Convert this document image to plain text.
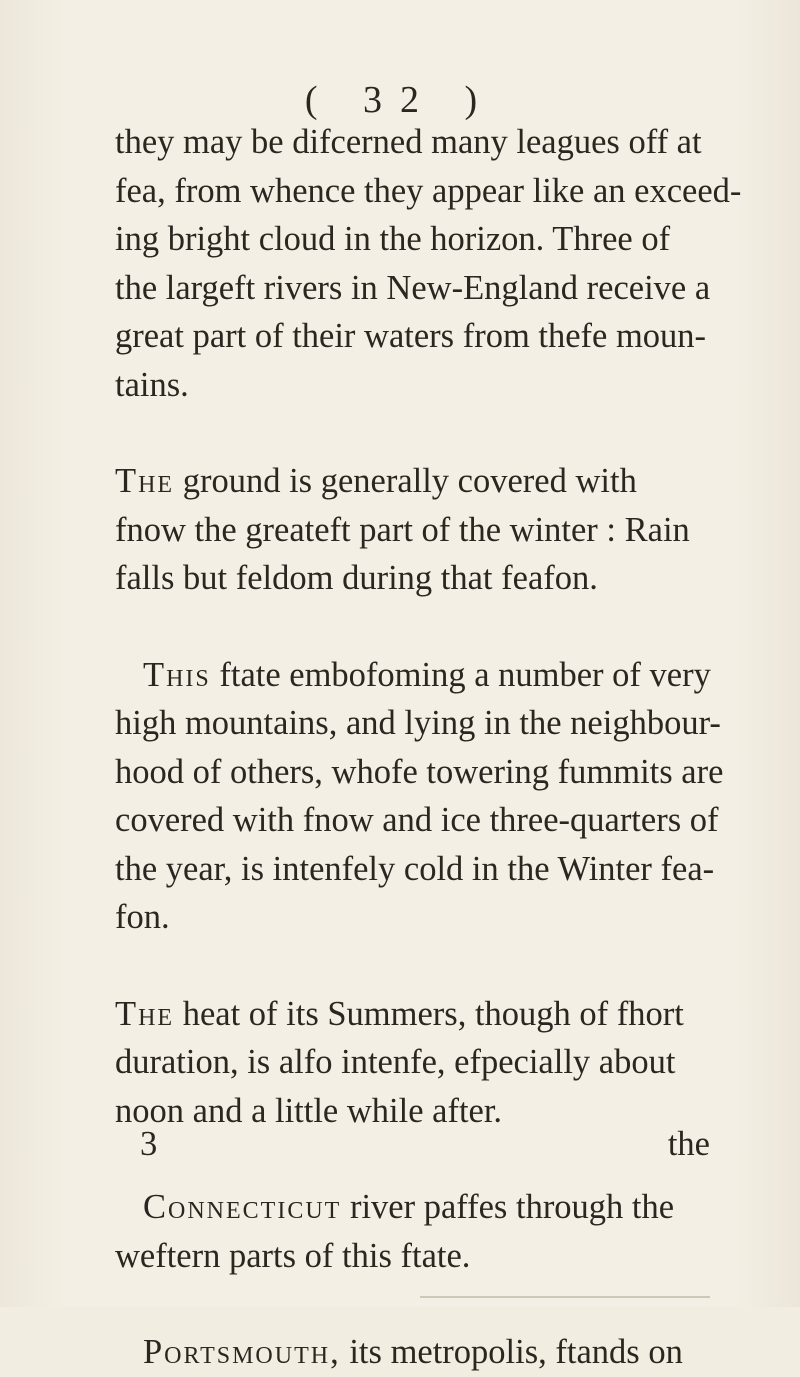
( 32 )
they may be difcerned many leagues off at
fea, from whence they appear like an exceed-
ing bright cloud in the horizon. Three of
the largeft rivers in New-England receive a
great part of their waters from thefe moun-
tains.
The ground is generally covered with
fnow the greateft part of the winter : Rain
falls but feldom during that feafon.
This ftate embofoming a number of very
high mountains, and lying in the neighbour-
hood of others, whofe towering fummits are
covered with fnow and ice three-quarters of
the year, is intenfely cold in the Winter fea-
fon.
The heat of its Summers, though of fhort
duration, is alfo intenfe, efpecially about
noon and a little while after.
Connecticut river paffes through the
weftern parts of this ftate.
Portsmouth, its metropolis, ftands on
3	the
